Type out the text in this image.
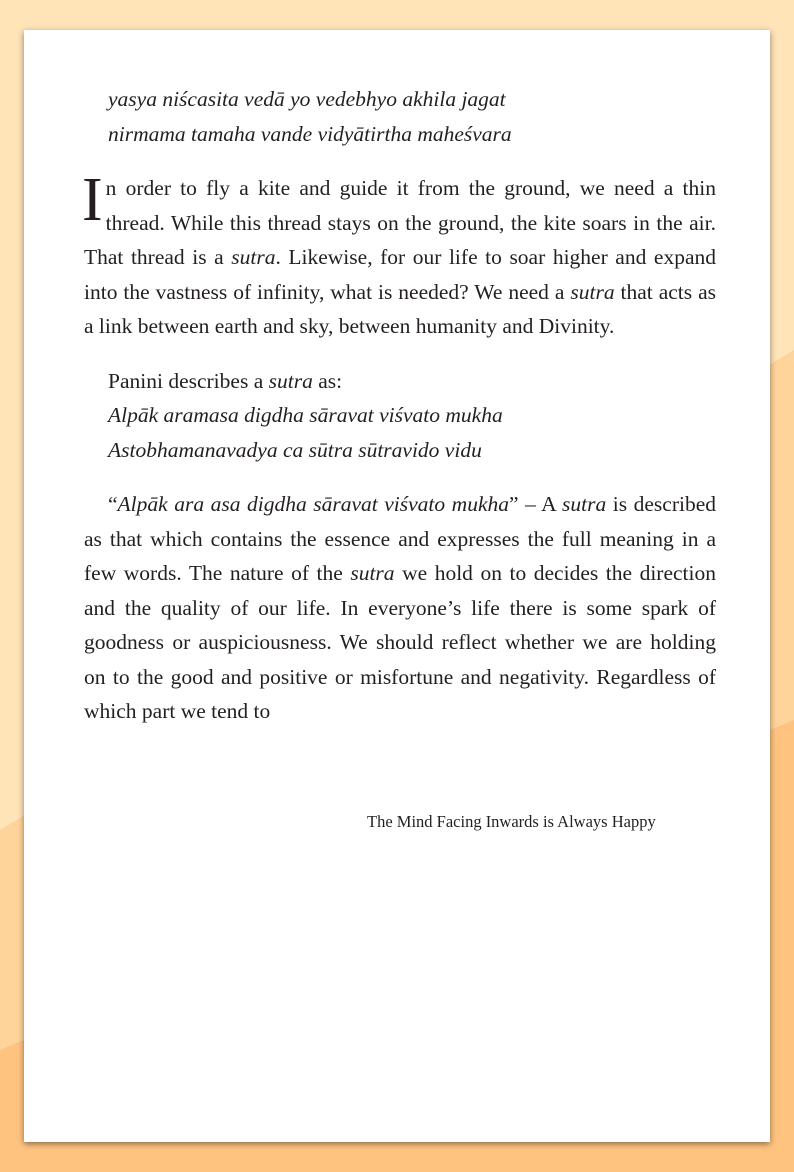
yasya niścasita vedā yo vedebhyo akhila jagat
nirmama tamaha vande vidyātirtha maheśvara

In order to fly a kite and guide it from the ground, we need a thin thread. While this thread stays on the ground, the kite soars in the air. That thread is a sutra. Likewise, for our life to soar higher and expand into the vastness of infinity, what is needed? We need a sutra that acts as a link between earth and sky, between humanity and Divinity.

Panini describes a sutra as:
Alpāk aramasa digdha sāravat viśvato mukha
Astobhamanavadya ca sūtra sūtravido vidu

“Alpāk ara asa digdha sāravat viśvato mukha” – A sutra is described as that which contains the essence and expresses the full meaning in a few words. The nature of the sutra we hold on to decides the direction and the quality of our life. In everyone’s life there is some spark of goodness or auspiciousness. We should reflect whether we are holding on to the good and positive or misfortune and negativity. Regardless of which part we tend to

The Mind Facing Inwards is Always Happy
